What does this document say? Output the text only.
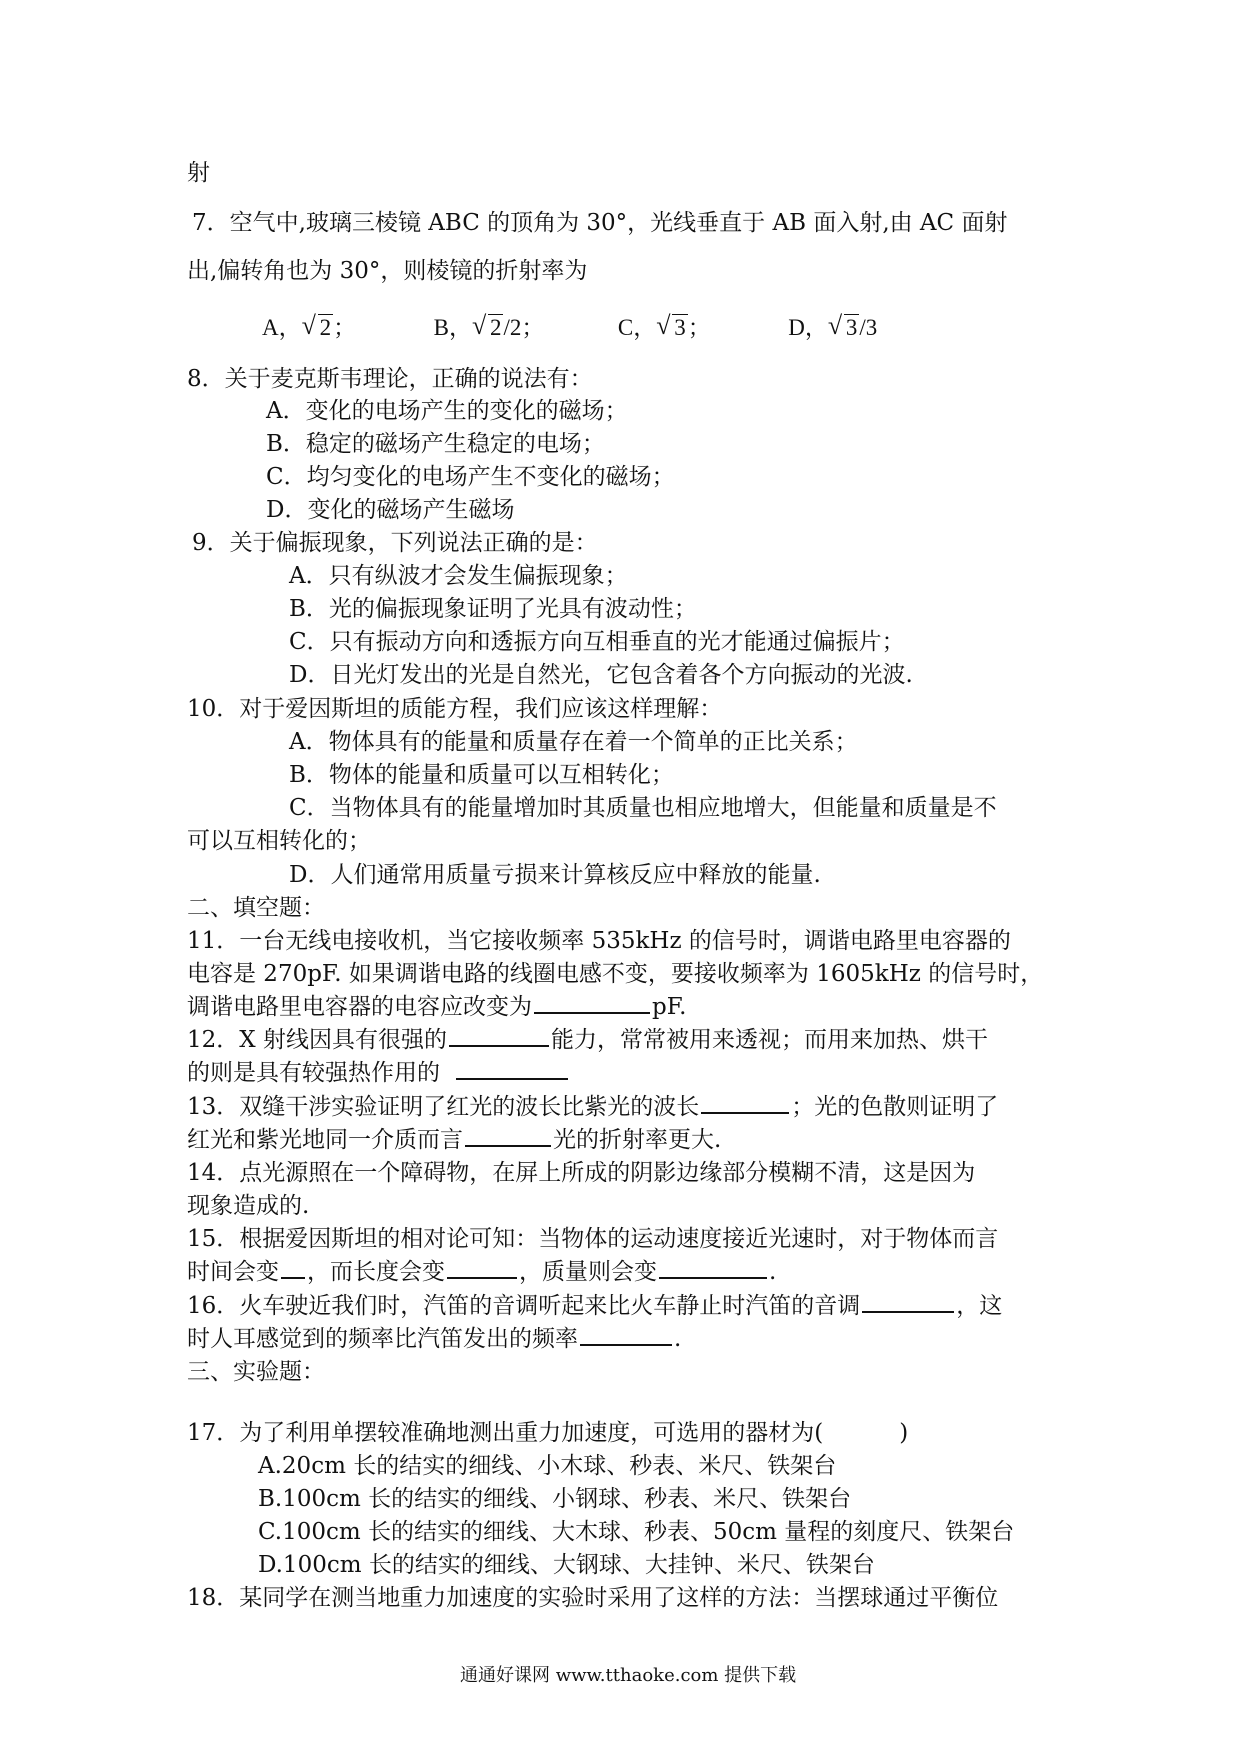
射
7．空气中,玻璃三棱镜 ABC 的顶角为 30°，光线垂直于 AB 面入射,由 AC 面射
出,偏转角也为 30°，则棱镜的折射率为
A， √ 2；	B， √ 2/2；	C， √ 3；	D， √ 3/3
8．关于麦克斯韦理论，正确的说法有：
A．变化的电场产生的变化的磁场；
B．稳定的磁场产生稳定的电场；
C．均匀变化的电场产生不变化的磁场；
D．变化的磁场产生磁场
9．关于偏振现象，下列说法正确的是：
A．只有纵波才会发生偏振现象；
B．光的偏振现象证明了光具有波动性；
C．只有振动方向和透振方向互相垂直的光才能通过偏振片；
D．日光灯发出的光是自然光，它包含着各个方向振动的光波.
10．对于爱因斯坦的质能方程，我们应该这样理解：
A．物体具有的能量和质量存在着一个简单的正比关系；
B．物体的能量和质量可以互相转化；
C．当物体具有的能量增加时其质量也相应地增大，但能量和质量是不
可以互相转化的；
D．人们通常用质量亏损来计算核反应中释放的能量.
二、填空题：
11．一台无线电接收机，当它接收频率 535kHz 的信号时，调谐电路里电容器的
电容是 270pF. 如果调谐电路的线圈电感不变，要接收频率为 1605kHz 的信号时，
调谐电路里电容器的电容应改变为	pF.
12．X 射线因具有很强的	能力，常常被用来透视；而用来加热、烘干
的则是具有较强热作用的
13．双缝干涉实验证明了红光的波长比紫光的波长	；光的色散则证明了
红光和紫光地同一介质而言	光的折射率更大.
14．点光源照在一个障碍物，在屏上所成的阴影边缘部分模糊不清，这是因为
现象造成的.
15．根据爱因斯坦的相对论可知：当物体的运动速度接近光速时，对于物体而言
时间会变 ，而长度会变	，质量则会变	.
16．火车驶近我们时，汽笛的音调听起来比火车静止时汽笛的音调	，这
时人耳感觉到的频率比汽笛发出的频率	.
三、实验题：
17．为了利用单摆较准确地测出重力加速度，可选用的器材为(	)
A.20cm 长的结实的细线、小木球、秒表、米尺、铁架台
B.100cm 长的结实的细线、小钢球、秒表、米尺、铁架台
C.100cm 长的结实的细线、大木球、秒表、50cm 量程的刻度尺、铁架台
D.100cm 长的结实的细线、大钢球、大挂钟、米尺、铁架台
18．某同学在测当地重力加速度的实验时采用了这样的方法：当摆球通过平衡位
通通好课网 www.tthaoke.com 提供下载
